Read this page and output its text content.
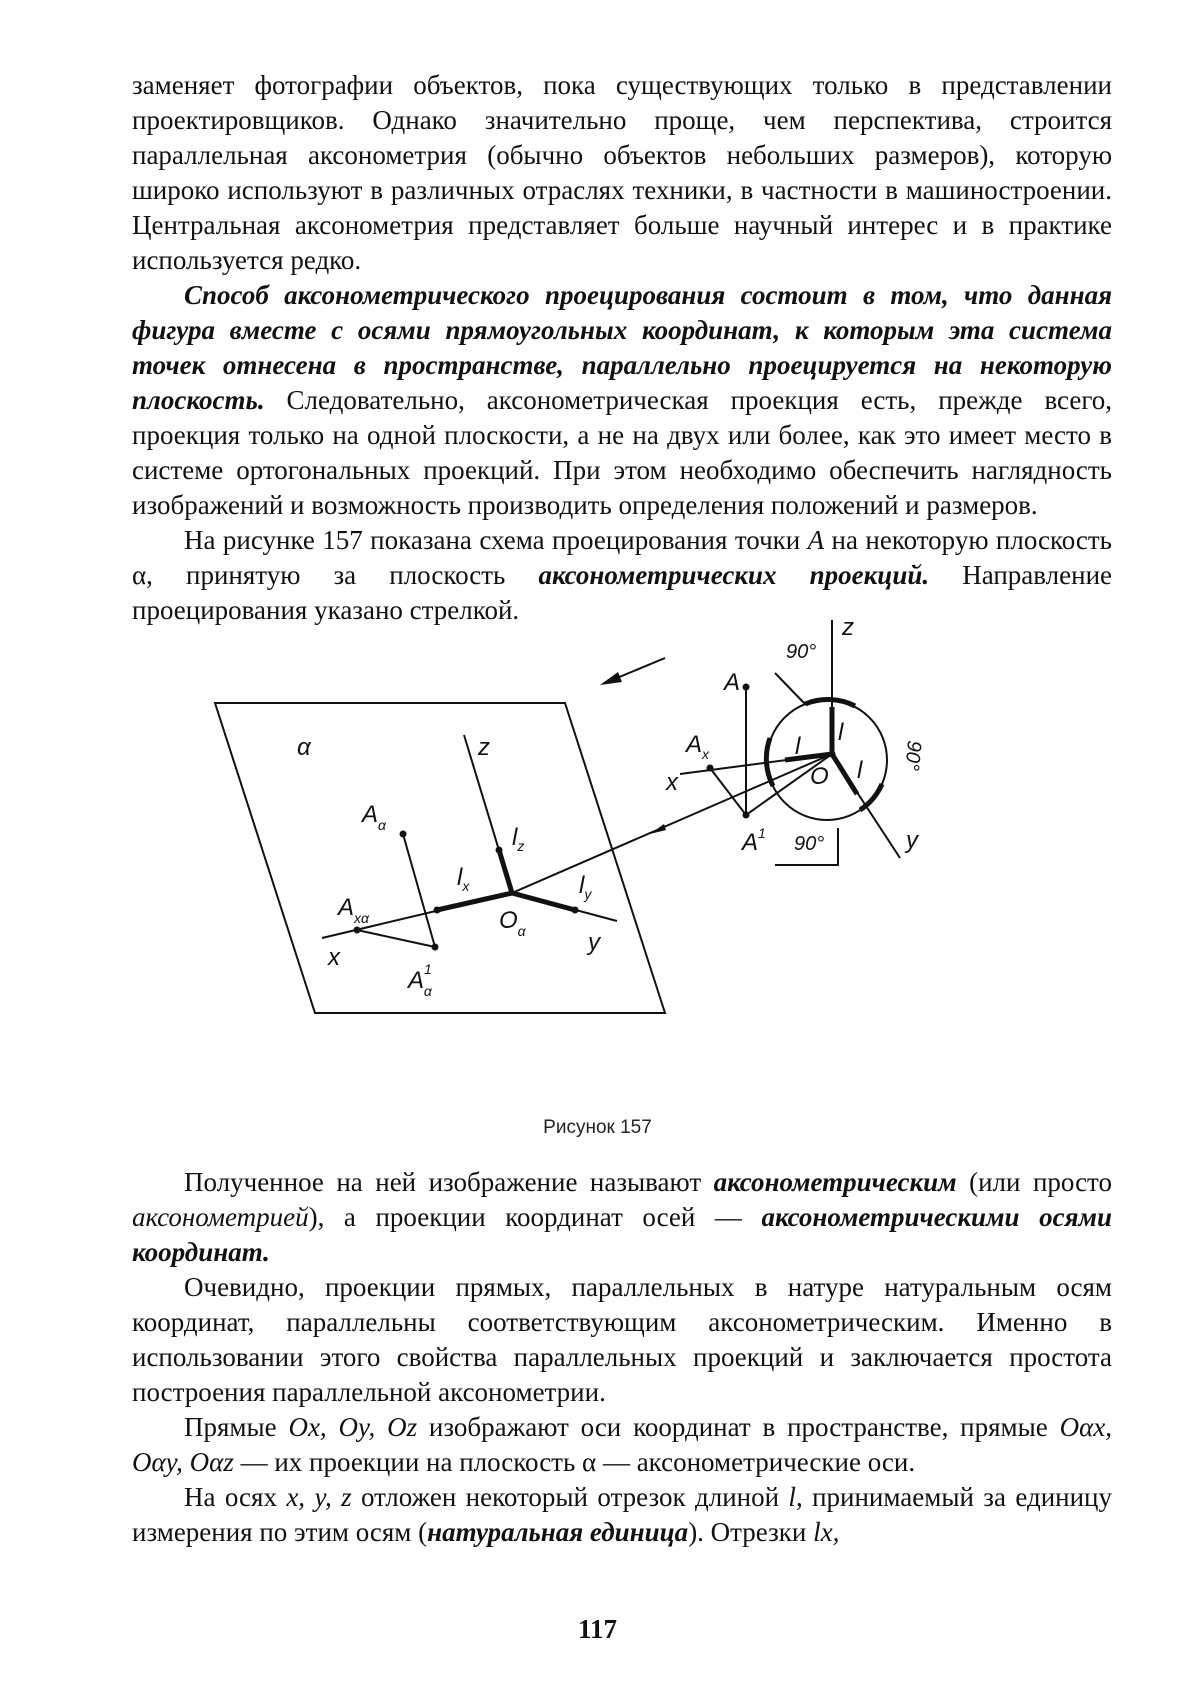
заменяет фотографии объектов, пока существующих только в представлении проектировщиков. Однако значительно проще, чем перспектива, строится параллельная аксонометрия (обычно объектов небольших размеров), которую широко используют в различных отраслях техники, в частности в машиностроении. Центральная аксонометрия представляет больше научный интерес и в практике используется редко.

Способ аксонометрического проецирования состоит в том, что данная фигура вместе с осями прямоугольных координат, к которым эта система точек отнесена в пространстве, параллельно проецируется на некоторую плоскость. Следовательно, аксонометрическая проекция есть, прежде всего, проекция только на одной плоскости, а не на двух или более, как это имеет место в системе ортогональных проекций. При этом необходимо обеспечить наглядность изображений и возможность производить определения положений и размеров.

На рисунке 157 показана схема проецирования точки А на некоторую плоскость α, принятую за плоскость аксонометрических проекций. Направление проецирования указано стрелкой.

α	z
x
y
$A_\alpha$
$A_{x\alpha}$	$O_\alpha$
$A^1$ α
$l_x$	$l_y$
$l_z$
z
x
y
A
$A_x$
$A^1$
O
l
l
l
90°
90°
90°
Рисунок 157

Полученное на ней изображение называют аксонометрическим (или просто аксонометрией), а проекции координат осей — аксонометрическими осями координат.

Очевидно, проекции прямых, параллельных в натуре натуральным осям координат, параллельны соответствующим аксонометрическим. Именно в использовании этого свойства параллельных проекций и заключается простота построения параллельной аксонометрии.

Прямые Ox, Oy, Oz изображают оси координат в пространстве, прямые Oαx, Oαy, Oαz — их проекции на плоскость α — аксонометрические оси.

На осях x, y, z отложен некоторый отрезок длиной l, принимаемый за единицу измерения по этим осям (натуральная единица). Отрезки lx,

117
